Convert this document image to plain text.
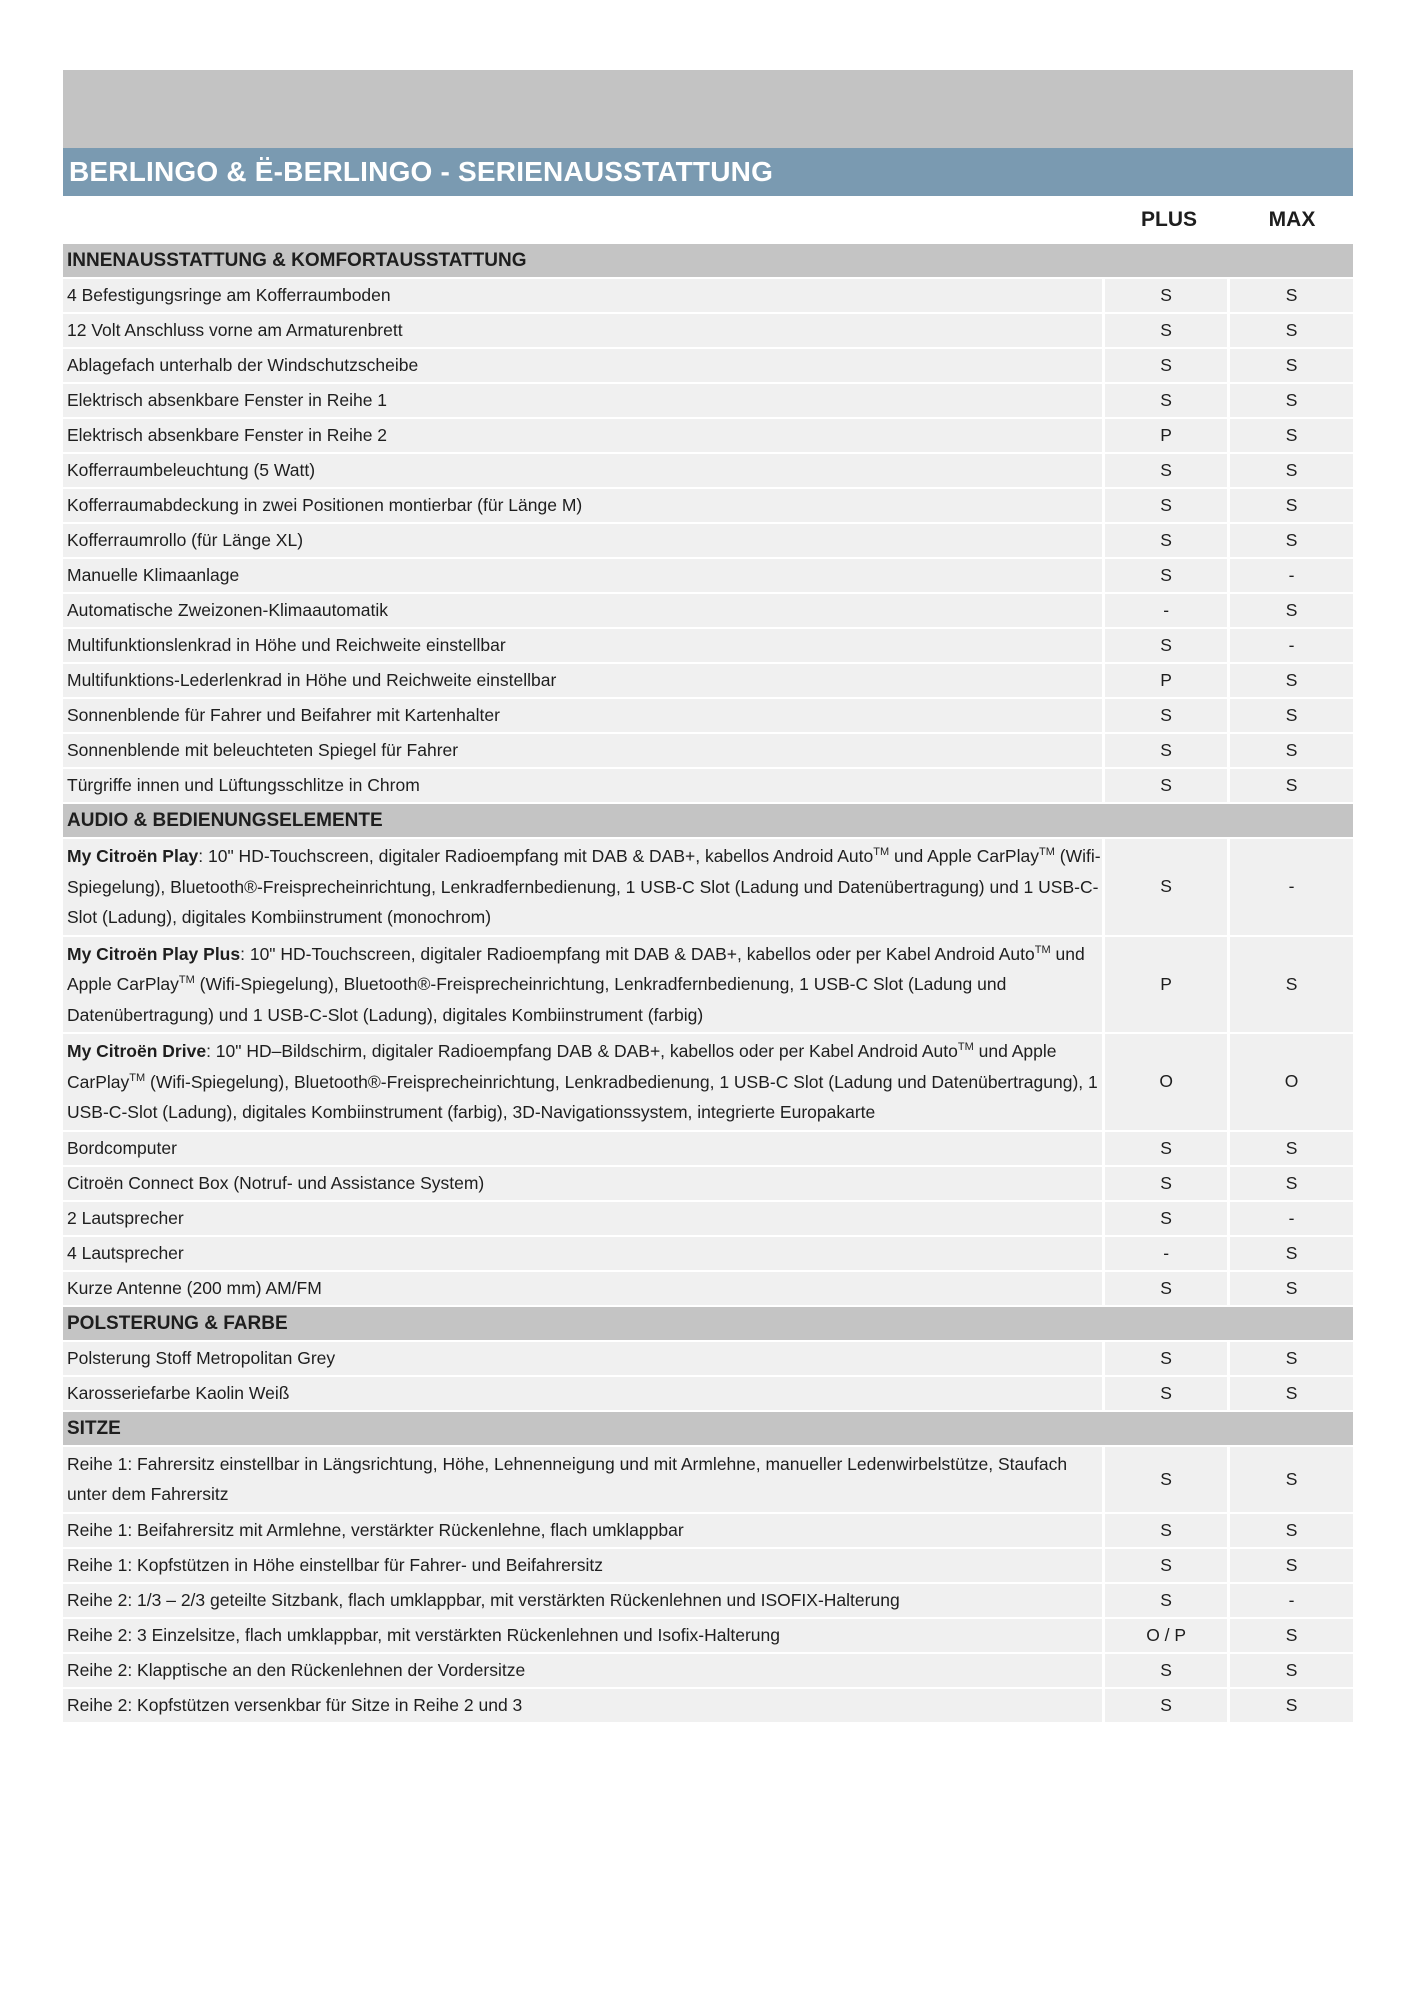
BERLINGO & Ë-BERLINGO - SERIENAUSSTATTUNG
PLUS	MAX
INNENAUSSTATTUNG & KOMFORTAUSSTATTUNG
4 Befestigungsringe am Kofferraumboden	S	S
12 Volt Anschluss vorne am Armaturenbrett	S	S
Ablagefach unterhalb der Windschutzscheibe	S	S
Elektrisch absenkbare Fenster in Reihe 1	S	S
Elektrisch absenkbare Fenster in Reihe 2	P	S
Kofferraumbeleuchtung (5 Watt)	S	S
Kofferraumabdeckung in zwei Positionen montierbar (für Länge M)	S	S
Kofferraumrollo (für Länge XL)	S	S
Manuelle Klimaanlage	S	-
Automatische Zweizonen-Klimaautomatik	-	S
Multifunktionslenkrad in Höhe und Reichweite einstellbar	S	-
Multifunktions-Lederlenkrad in Höhe und Reichweite einstellbar	P	S
Sonnenblende für Fahrer und Beifahrer mit Kartenhalter	S	S
Sonnenblende mit beleuchteten Spiegel für Fahrer	S	S
Türgriffe innen und Lüftungsschlitze in Chrom	S	S
AUDIO & BEDIENUNGSELEMENTE
My Citroën Play: 10" HD-Touchscreen, digitaler Radioempfang mit DAB & DAB+, kabellos Android Auto™ und Apple CarPlay™ (Wifi-Spiegelung), Bluetooth®-Freisprecheinrichtung, Lenkradfernbedienung, 1 USB-C Slot (Ladung und Datenübertragung) und 1 USB-C-Slot (Ladung), digitales Kombiinstrument (monochrom)
S	-
My Citroën Play Plus: 10" HD-Touchscreen, digitaler Radioempfang mit DAB & DAB+, kabellos oder per Kabel Android Auto™ und Apple CarPlay™ (Wifi-Spiegelung), Bluetooth®-Freisprecheinrichtung, Lenkradfernbedienung, 1 USB-C Slot (Ladung und Datenübertragung) und 1 USB-C-Slot (Ladung), digitales Kombiinstrument (farbig)
P	S
My Citroën Drive: 10" HD–Bildschirm, digitaler Radioempfang DAB & DAB+, kabellos oder per Kabel Android Auto™ und Apple CarPlay™ (Wifi-Spiegelung), Bluetooth®-Freisprecheinrichtung, Lenkradbedienung, 1 USB-C Slot (Ladung und Datenübertragung), 1 USB-C-Slot (Ladung), digitales Kombiinstrument (farbig), 3D-Navigationssystem, integrierte Europakarte
O	O
Bordcomputer	S	S
Citroën Connect Box (Notruf- und Assistance System)	S	S
2 Lautsprecher	S	-
4 Lautsprecher	-	S
Kurze Antenne (200 mm) AM/FM	S	S
POLSTERUNG & FARBE
Polsterung Stoff Metropolitan Grey	S	S
Karosseriefarbe Kaolin Weiß	S	S
SITZE
Reihe 1: Fahrersitz einstellbar in Längsrichtung, Höhe, Lehnenneigung und mit Armlehne, manueller Ledenwirbelstütze, Staufach unter dem Fahrersitz
S	S
Reihe 1: Beifahrersitz mit Armlehne, verstärkter Rückenlehne, flach umklappbar	S	S
Reihe 1: Kopfstützen in Höhe einstellbar für Fahrer- und Beifahrersitz	S	S
Reihe 2: 1/3 – 2/3 geteilte Sitzbank, flach umklappbar, mit verstärkten Rückenlehnen und ISOFIX-Halterung	S	-
Reihe 2: 3 Einzelsitze, flach umklappbar, mit verstärkten Rückenlehnen und Isofix-Halterung	O / P	S
Reihe 2: Klapptische an den Rückenlehnen der Vordersitze	S	S
Reihe 2: Kopfstützen versenkbar für Sitze in Reihe 2 und 3	S	S
